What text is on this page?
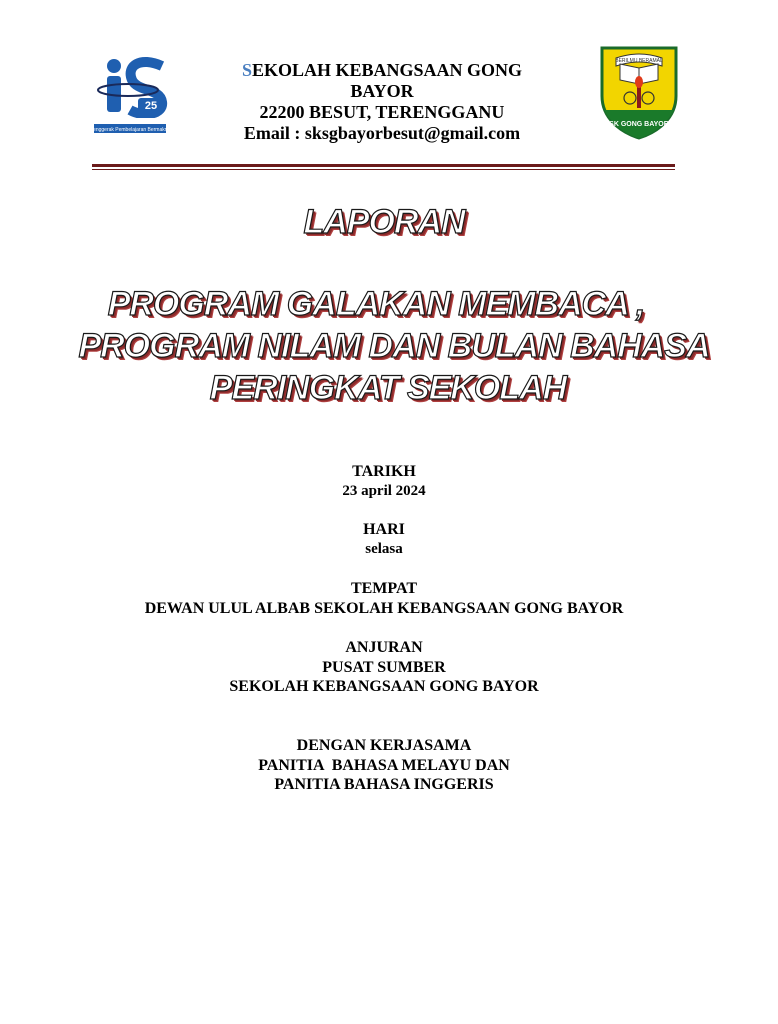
25
Penggerak Pembelajaran Bermakna
SEKOLAH KEBANGSAAN GONG
BAYOR
22200 BESUT, TERENGGANU
Email : sksgbayorbesut@gmail.com
BERILMU BERAMAL
SK GONG BAYOR
LAPORAN
PROGRAM GALAKAN MEMBACA ,
PROGRAM NILAM DAN BULAN BAHASA
PERINGKAT SEKOLAH
TARIKH
23 april 2024
HARI
selasa
TEMPAT
DEWAN ULUL ALBAB SEKOLAH KEBANGSAAN GONG BAYOR
ANJURAN
PUSAT SUMBER
SEKOLAH KEBANGSAAN GONG BAYOR
DENGAN KERJASAMA
PANITIA  BAHASA MELAYU DAN
PANITIA BAHASA INGGERIS
